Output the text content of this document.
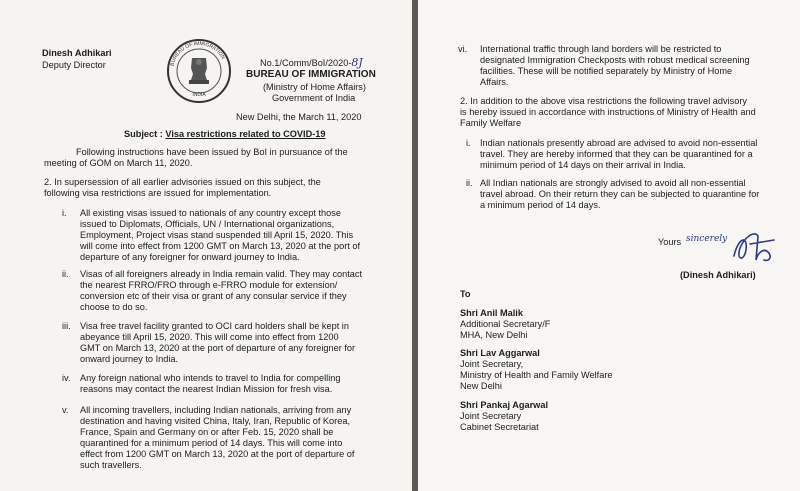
Dinesh Adhikari
Deputy Director	BUREAU OF IMMIGRATION
INDIA
No.1/Comm/BoI/2020-8J
BUREAU OF IMMIGRATION
(Ministry of Home Affairs)
Government of India
New Delhi, the March 11, 2020
Subject : Visa restrictions related to COVID-19
Following instructions have been issued by BoI in pursuance of the
meeting of GOM on March 11, 2020.
2. In supersession of all earlier advisories issued on this subject, the
following visa restrictions are issued for implementation.
i. All existing visas issued to nationals of any country except those
issued to Diplomats, Officials, UN / International organizations,
Employment, Project visas stand suspended till April 15, 2020. This
will come into effect from 1200 GMT on March 13, 2020 at the port of
departure of any foreigner for onward journey to India.
ii. Visas of all foreigners already in India remain valid. They may contact
the nearest FRRO/FRO through e-FRRO module for extension/
conversion etc of their visa or grant of any consular service if they
choose to do so.
iii. Visa free travel facility granted to OCI card holders shall be kept in
abeyance till April 15, 2020. This will come into effect from 1200
GMT on March 13, 2020 at the port of departure of any foreigner for
onward journey to India.
iv. Any foreign national who intends to travel to India for compelling
reasons may contact the nearest Indian Mission for fresh visa.
v. All incoming travellers, including Indian nationals, arriving from any
destination and having visited China, Italy, Iran, Republic of Korea,
France, Spain and Germany on or after Feb. 15, 2020 shall be
quarantined for a minimum period of 14 days. This will come into
effect from 1200 GMT on March 13, 2020 at the port of departure of
such travellers.
vi. International traffic through land borders will be restricted to
designated Immigration Checkposts with robust medical screening
facilities. These will be notified separately by Ministry of Home
Affairs.
2. In addition to the above visa restrictions the following travel advisory
is hereby issued in accordance with instructions of Ministry of Health and
Family Welfare
i. Indian nationals presently abroad are advised to avoid non-essential
travel. They are hereby informed that they can be quarantined for a
minimum period of 14 days on their arrival in India.
ii. All Indian nationals are strongly advised to avoid all non-essential
travel abroad. On their return they can be subjected to quarantine for
a minimum period of 14 days.
Yours sincerely
(Dinesh Adhikari)
To
Shri Anil Malik
Additional Secretary/F
MHA, New Delhi
Shri Lav Aggarwal
Joint Secretary,
Ministry of Health and Family Welfare
New Delhi
Shri Pankaj Agarwal
Joint Secretary
Cabinet Secretariat
